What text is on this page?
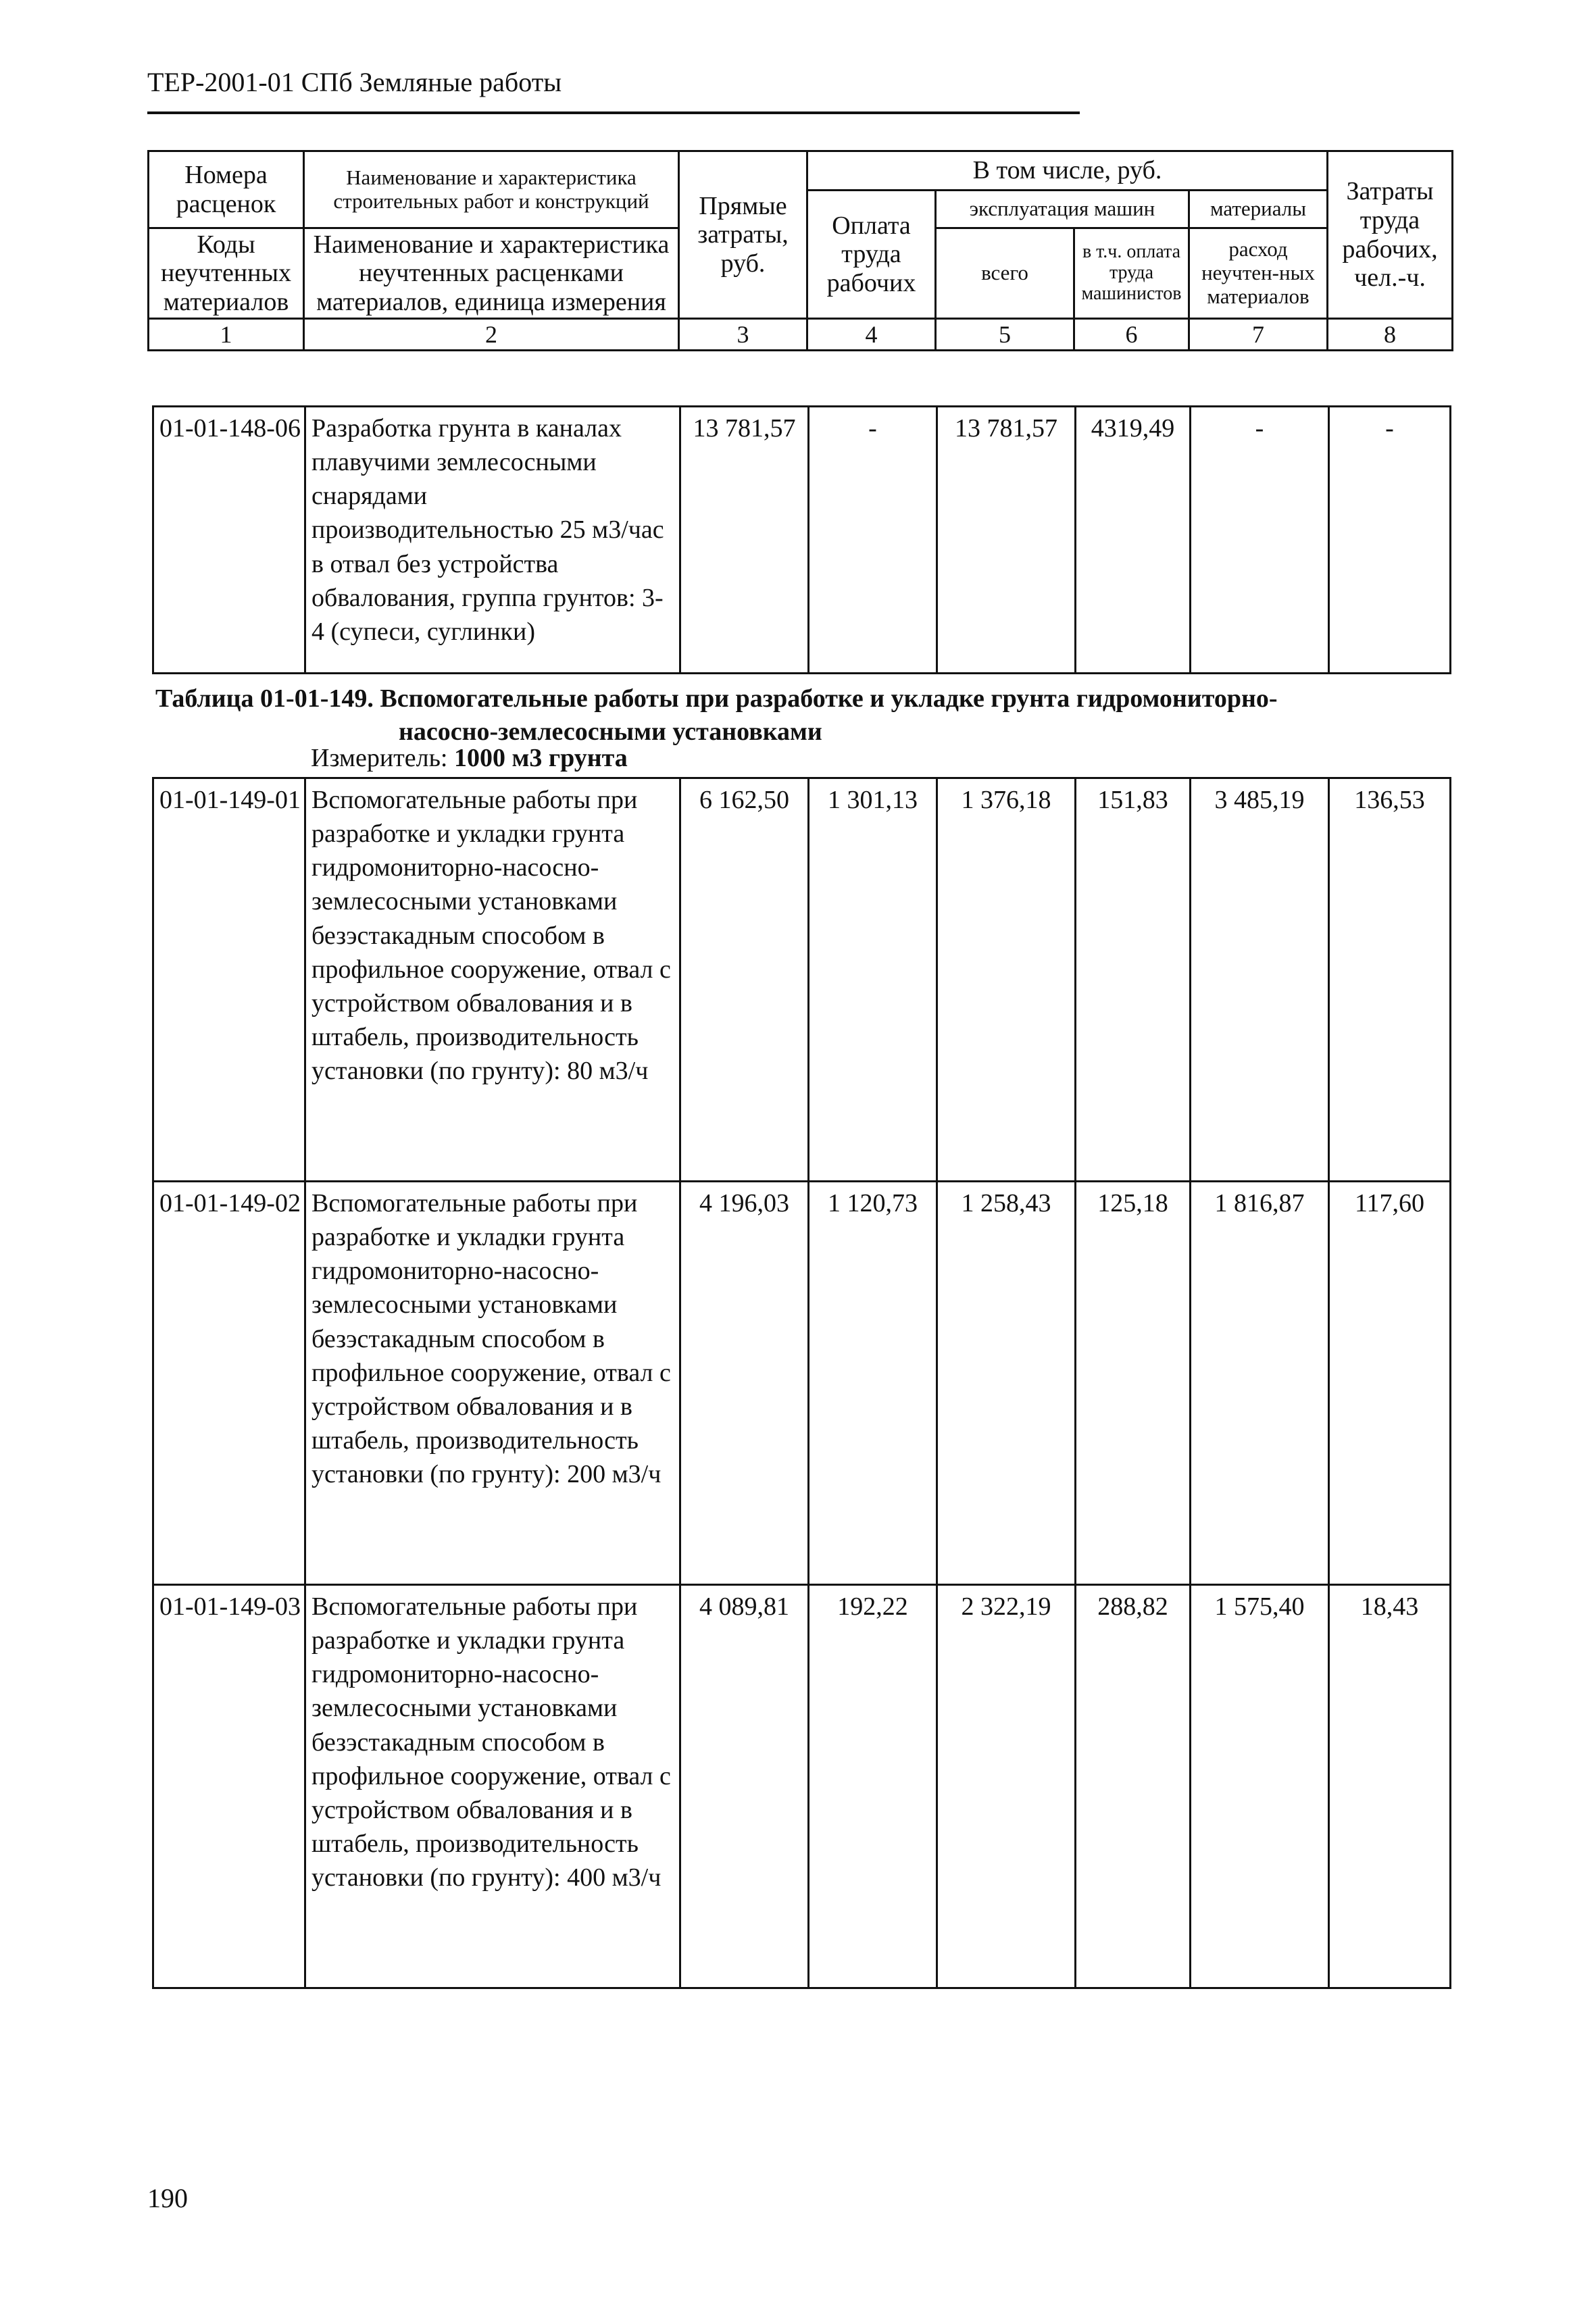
ТЕР-2001-01 СПб Земляные работы
Номера расценок	Наименование и характеристика строительных работ и конструкций	Прямые затраты, руб.	В том числе, руб.				Затраты труда рабочих, чел.-ч.
			Оплата труда рабочих	эксплуатация машин		материалы	
Коды неучтенных материалов	Наименование и характеристика неучтенных расценками материалов, единица измерения			всего	в т.ч. оплата труда машинистов	расход неучтен-ных материалов	

1	2	3	4	5	6	7	8
01-01-148-06	Разработка грунта в каналах плавучими землесосными снарядами производительностью 25 м3/час в отвал без устройства обвалования, группа грунтов: 3-4 (супеси, суглинки)	13 781,57	-	13 781,57	4319,49	-	-
Таблица 01-01-149. Вспомогательные работы при разработке и укладке грунта гидромониторно-
насосно-землесосными установками
Измеритель: 1000 м3 грунта
01-01-149-01	Вспомогательные работы при разработке и укладки грунта гидромониторно-насосно-землесосными установками безэстакадным способом в профильное сооружение, отвал с устройством обвалования и в штабель, производительность установки (по грунту): 80 м3/ч	6 162,50	1 301,13	1 376,18	151,83	3 485,19	136,53
01-01-149-02	Вспомогательные работы при разработке и укладки грунта гидромониторно-насосно-землесосными установками безэстакадным способом в профильное сооружение, отвал с устройством обвалования и в штабель, производительность установки (по грунту): 200 м3/ч	4 196,03	1 120,73	1 258,43	125,18	1 816,87	117,60
01-01-149-03	Вспомогательные работы при разработке и укладки грунта гидромониторно-насосно-землесосными установками безэстакадным способом в профильное сооружение, отвал с устройством обвалования и в штабель, производительность установки (по грунту): 400 м3/ч	4 089,81	192,22	2 322,19	288,82	1 575,40	18,43
190
